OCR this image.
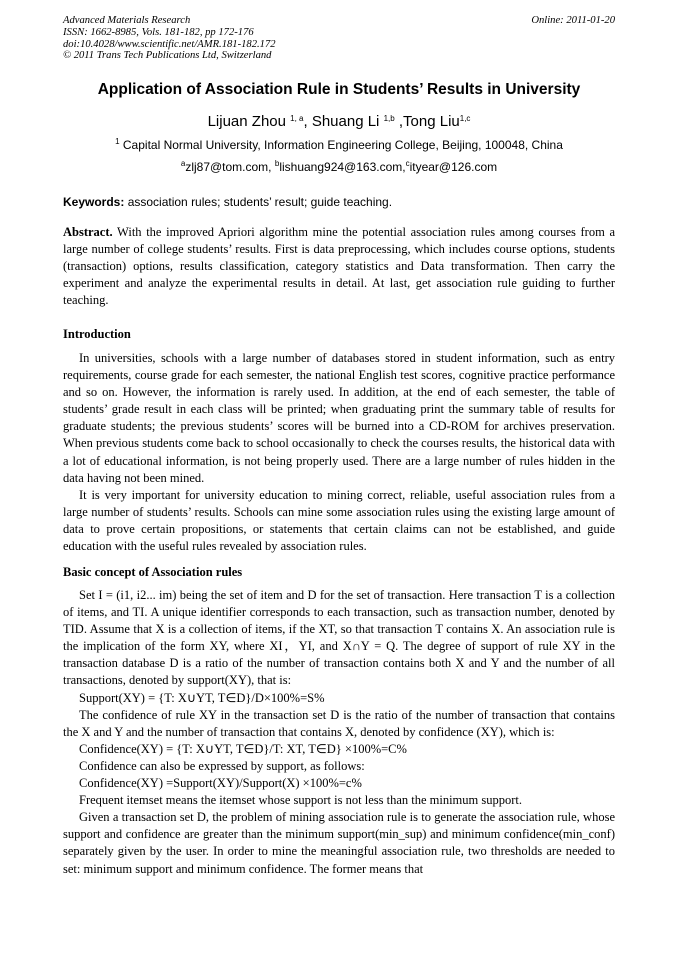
Advanced Materials Research
ISSN: 1662-8985, Vols. 181-182, pp 172-176
doi:10.4028/www.scientific.net/AMR.181-182.172
© 2011 Trans Tech Publications Ltd, Switzerland
Online: 2011-01-20
Application of Association Rule in Students’ Results in University
Lijuan Zhou $^{1, a}$, Shuang Li $^{1,b}$ ,Tong Liu$^{1,c}$
$^1$ Capital Normal University, Information Engineering College, Beijing, 100048, China
$^a$zlj87@tom.com, $^b$lishuang924@163.com,$^c$ityear@126.com
Keywords: association rules; students’ result; guide teaching.

Abstract. With the improved Apriori algorithm mine the potential association rules among courses from a large number of college students’ results. First is data preprocessing, which includes course options, students (transaction) options, results classification, category statistics and Data transformation. Then carry the experiment and analyze the experimental results in detail. At last, get association rule guiding to further teaching.

Introduction

In universities, schools with a large number of databases stored in student information, such as entry requirements, course grade for each semester, the national English test scores, cognitive practice performance and so on. However, the information is rarely used. In addition, at the end of each semester, the table of students’ grade result in each class will be printed; when graduating print the summary table of results for graduate students; the previous students’ scores will be burned into a CD-ROM for archives preservation. When previous students come back to school occasionally to check the courses results, the historical data with a lot of educational information, is not being properly used. There are a large number of rules hidden in the data having not been mined.

It is very important for university education to mining correct, reliable, useful association rules from a large number of students’ results. Schools can mine some association rules using the existing large amount of data to prove certain propositions, or statements that certain claims can not be established, and guide education with the useful rules revealed by association rules.

Basic concept of Association rules

Set I = (i1, i2... im) being the set of item and D for the set of transaction. Here transaction T is a collection of items, and TI. A unique identifier corresponds to each transaction, such as transaction number, denoted by TID. Assume that X is a collection of items, if the XT, so that transaction T contains X. An association rule is the implication of the form XY, where XI，YI, and X∩Y = Q. The degree of support of rule XY in the transaction database D is a ratio of the number of transaction contains both X and Y and the number of all transactions, denoted by support(XY), that is:

Support(XY) = {T: X∪YT, T∈D}/D×100%=S%

The confidence of rule XY in the transaction set D is the ratio of the number of transaction that contains the X and Y and the number of transaction that contains X, denoted by confidence (XY), which is:

Confidence(XY) = {T: X∪YT, T∈D}/T: XT, T∈D} ×100%=C%

Confidence can also be expressed by support, as follows:

Confidence(XY) =Support(XY)/Support(X) ×100%=c%

Frequent itemset means the itemset whose support is not less than the minimum support.

Given a transaction set D, the problem of mining association rule is to generate the association rule, whose support and confidence are greater than the minimum support(min_sup) and minimum confidence(min_conf) separately given by the user. In order to mine the meaningful association rule, two thresholds are needed to set: minimum support and minimum confidence. The former means that
